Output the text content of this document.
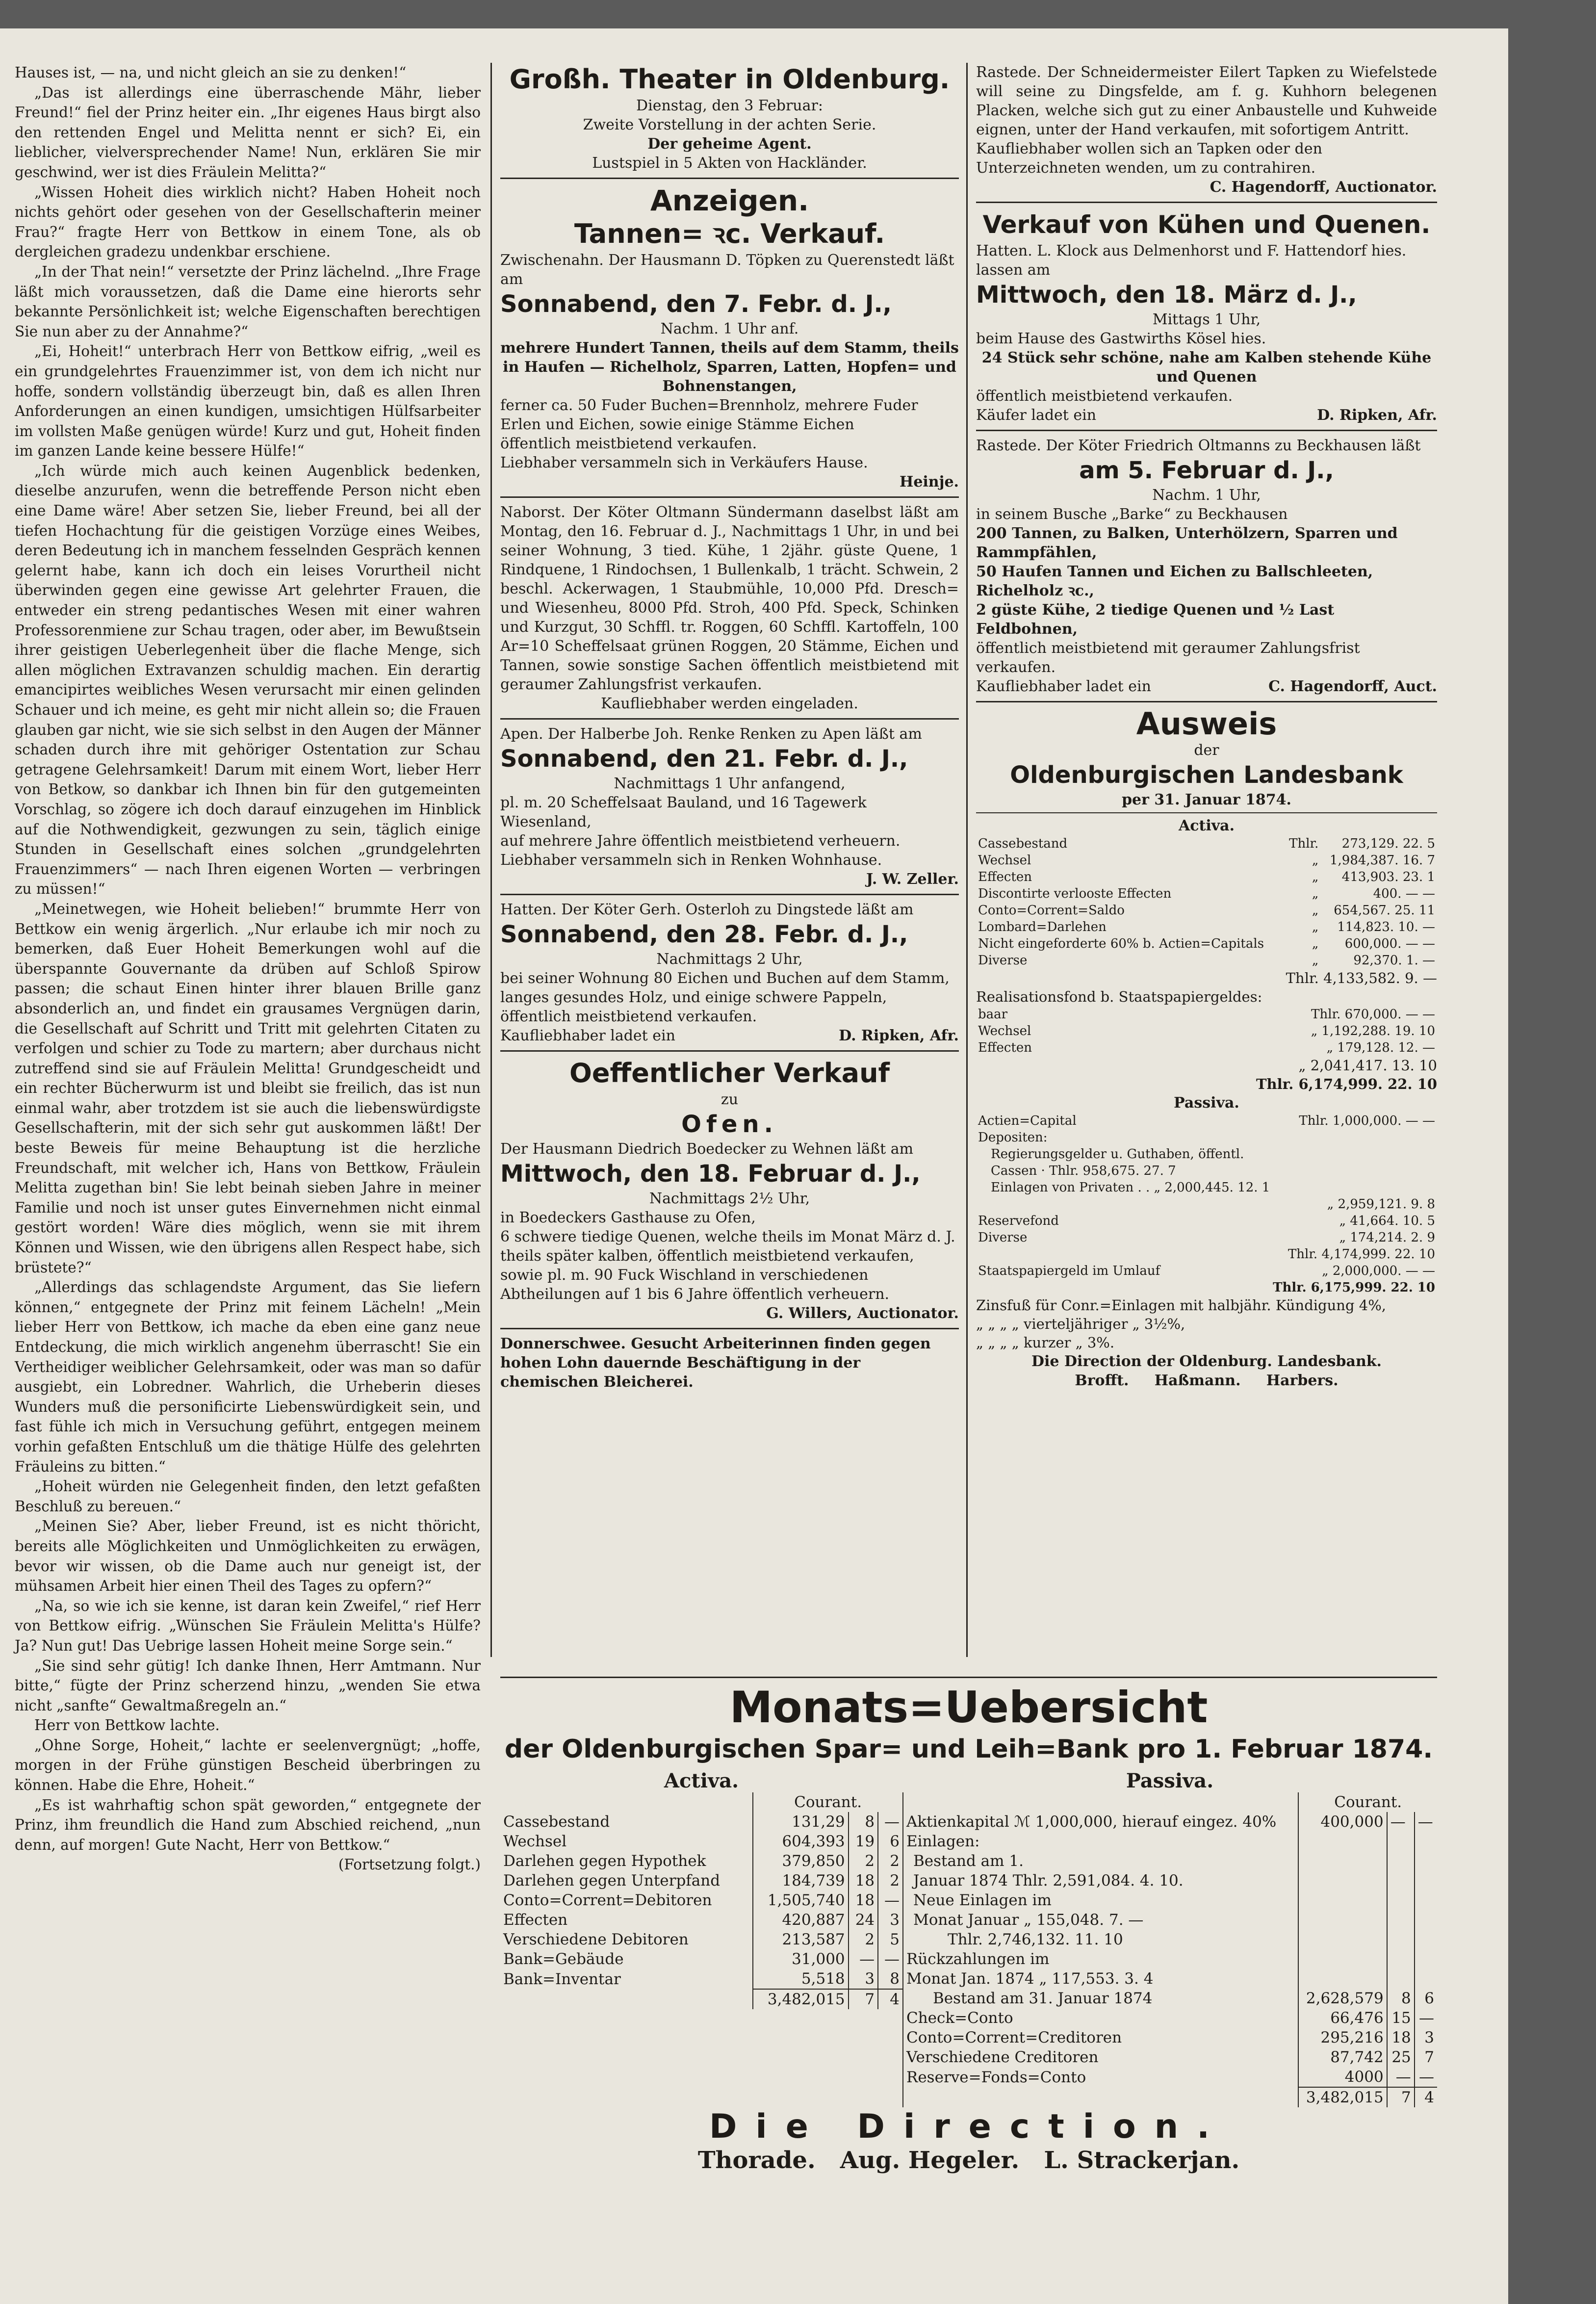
Hauses ist, — na, und nicht gleich an sie zu denken!“

„Das ist allerdings eine überraschende Mähr, lieber Freund!“ fiel der Prinz heiter ein. „Ihr eigenes Haus birgt also den rettenden Engel und Melitta nennt er sich? Ei, ein lieblicher, vielversprechender Name! Nun, erklären Sie mir geschwind, wer ist dies Fräulein Melitta?“

„Wissen Hoheit dies wirklich nicht? Haben Hoheit noch nichts gehört oder gesehen von der Gesellschafterin meiner Frau?“ fragte Herr von Bettkow in einem Tone, als ob dergleichen gradezu undenkbar erschiene.

„In der That nein!“ versetzte der Prinz lächelnd. „Ihre Frage läßt mich voraussetzen, daß die Dame eine hierorts sehr bekannte Persönlichkeit ist; welche Eigenschaften berechtigen Sie nun aber zu der Annahme?“

„Ei, Hoheit!“ unterbrach Herr von Bettkow eifrig, „weil es ein grundgelehrtes Frauenzimmer ist, von dem ich nicht nur hoffe, sondern vollständig überzeugt bin, daß es allen Ihren Anforderungen an einen kundigen, umsichtigen Hülfsarbeiter im vollsten Maße genügen würde! Kurz und gut, Hoheit finden im ganzen Lande keine bessere Hülfe!“

„Ich würde mich auch keinen Augenblick bedenken, dieselbe anzurufen, wenn die betreffende Person nicht eben eine Dame wäre! Aber setzen Sie, lieber Freund, bei all der tiefen Hochachtung für die geistigen Vorzüge eines Weibes, deren Bedeutung ich in manchem fesselnden Gespräch kennen gelernt habe, kann ich doch ein leises Vorurtheil nicht überwinden gegen eine gewisse Art gelehrter Frauen, die entweder ein streng pedantisches Wesen mit einer wahren Professorenmiene zur Schau tragen, oder aber, im Bewußtsein ihrer geistigen Ueberlegenheit über die flache Menge, sich allen möglichen Extravanzen schuldig machen. Ein derartig emancipirtes weibliches Wesen verursacht mir einen gelinden Schauer und ich meine, es geht mir nicht allein so; die Frauen glauben gar nicht, wie sie sich selbst in den Augen der Männer schaden durch ihre mit gehöriger Ostentation zur Schau getragene Gelehrsamkeit! Darum mit einem Wort, lieber Herr von Betkow, so dankbar ich Ihnen bin für den gutgemeinten Vorschlag, so zögere ich doch darauf einzugehen im Hinblick auf die Nothwendigkeit, gezwungen zu sein, täglich einige Stunden in Gesellschaft eines solchen „grundgelehrten Frauenzimmers“ — nach Ihren eigenen Worten — verbringen zu müssen!“

„Meinetwegen, wie Hoheit belieben!“ brummte Herr von Bettkow ein wenig ärgerlich. „Nur erlaube ich mir noch zu bemerken, daß Euer Hoheit Bemerkungen wohl auf die überspannte Gouvernante da drüben auf Schloß Spirow passen; die schaut Einen hinter ihrer blauen Brille ganz absonderlich an, und findet ein grausames Vergnügen darin, die Gesellschaft auf Schritt und Tritt mit gelehrten Citaten zu verfolgen und schier zu Tode zu martern; aber durchaus nicht zutreffend sind sie auf Fräulein Melitta! Grundgescheidt und ein rechter Bücherwurm ist und bleibt sie freilich, das ist nun einmal wahr, aber trotzdem ist sie auch die liebenswürdigste Gesellschafterin, mit der sich sehr gut auskommen läßt! Der beste Beweis für meine Behauptung ist die herzliche Freundschaft, mit welcher ich, Hans von Bettkow, Fräulein Melitta zugethan bin! Sie lebt beinah sieben Jahre in meiner Familie und noch ist unser gutes Einvernehmen nicht einmal gestört worden! Wäre dies möglich, wenn sie mit ihrem Können und Wissen, wie den übrigens allen Respect habe, sich brüstete?“

„Allerdings das schlagendste Argument, das Sie liefern können,“ entgegnete der Prinz mit feinem Lächeln! „Mein lieber Herr von Bettkow, ich mache da eben eine ganz neue Entdeckung, die mich wirklich angenehm überrascht! Sie ein Vertheidiger weiblicher Gelehrsamkeit, oder was man so dafür ausgiebt, ein Lobredner. Wahrlich, die Urheberin dieses Wunders muß die personificirte Liebenswürdigkeit sein, und fast fühle ich mich in Versuchung geführt, entgegen meinem vorhin gefaßten Entschluß um die thätige Hülfe des gelehrten Fräuleins zu bitten.“

„Hoheit würden nie Gelegenheit finden, den letzt gefaßten Beschluß zu bereuen.“

„Meinen Sie? Aber, lieber Freund, ist es nicht thöricht, bereits alle Möglichkeiten und Unmöglichkeiten zu erwägen, bevor wir wissen, ob die Dame auch nur geneigt ist, der mühsamen Arbeit hier einen Theil des Tages zu opfern?“

„Na, so wie ich sie kenne, ist daran kein Zweifel,“ rief Herr von Bettkow eifrig. „Wünschen Sie Fräulein Melitta's Hülfe? Ja? Nun gut! Das Uebrige lassen Hoheit meine Sorge sein.“

„Sie sind sehr gütig! Ich danke Ihnen, Herr Amtmann. Nur bitte,“ fügte der Prinz scherzend hinzu, „wenden Sie etwa nicht „sanfte“ Gewaltmaßregeln an.“

Herr von Bettkow lachte.

„Ohne Sorge, Hoheit,“ lachte er seelenvergnügt; „hoffe, morgen in der Frühe günstigen Bescheid überbringen zu können. Habe die Ehre, Hoheit.“

„Es ist wahrhaftig schon spät geworden,“ entgegnete der Prinz, ihm freundlich die Hand zum Abschied reichend, „nun denn, auf morgen! Gute Nacht, Herr von Bettkow.“

(Fortsetzung folgt.)

Großh. Theater in Oldenburg.
Dienstag, den 3 Februar:
Zweite Vorstellung in der achten Serie.
Der geheime Agent.
Lustspiel in 5 Akten von Hackländer.
Anzeigen.
Tannen= ꝛc. Verkauf.
Zwischenahn. Der Hausmann D. Töpken zu Querenstedt läßt am
Sonnabend, den 7. Febr. d. J.,
Nachm. 1 Uhr anf.
mehrere Hundert Tannen, theils auf dem Stamm, theils in Haufen — Richelholz, Sparren, Latten, Hopfen= und Bohnenstangen,
ferner ca. 50 Fuder Buchen=Brennholz, mehrere Fuder Erlen und Eichen, sowie einige Stämme Eichen
öffentlich meistbietend verkaufen.
Liebhaber versammeln sich in Verkäufers Hause.
Heinje.
Naborst. Der Köter Oltmann Sündermann daselbst läßt am Montag, den 16. Februar d. J., Nachmittags 1 Uhr, in und bei seiner Wohnung, 3 tied. Kühe, 1 2jähr. güste Quene, 1 Rindquene, 1 Rindochsen, 1 Bullenkalb, 1 trächt. Schwein, 2 beschl. Ackerwagen, 1 Staubmühle, 10,000 Pfd. Dresch= und Wiesenheu, 8000 Pfd. Stroh, 400 Pfd. Speck, Schinken und Kurzgut, 30 Schffl. tr. Roggen, 60 Schffl. Kartoffeln, 100 Ar=10 Scheffelsaat grünen Roggen, 20 Stämme, Eichen und Tannen, sowie sonstige Sachen öffentlich meistbietend mit geraumer Zahlungsfrist verkaufen.
Kaufliebhaber werden eingeladen.
Apen. Der Halberbe Joh. Renke Renken zu Apen läßt am
Sonnabend, den 21. Febr. d. J.,
Nachmittags 1 Uhr anfangend,
pl. m. 20 Scheffelsaat Bauland, und 16 Tagewerk Wiesenland,
auf mehrere Jahre öffentlich meistbietend verheuern.
Liebhaber versammeln sich in Renken Wohnhause.
J. W. Zeller.
Hatten. Der Köter Gerh. Osterloh zu Dingstede läßt am
Sonnabend, den 28. Febr. d. J.,
Nachmittags 2 Uhr,
bei seiner Wohnung 80 Eichen und Buchen auf dem Stamm, langes gesundes Holz, und einige schwere Pappeln, öffentlich meistbietend verkaufen.
Kaufliebhaber ladet ein	D. Ripken, Afr.
Oeffentlicher Verkauf
zu
Ofen.
Der Hausmann Diedrich Boedecker zu Wehnen läßt am
Mittwoch, den 18. Februar d. J.,
Nachmittags 2½ Uhr,
in Boedeckers Gasthause zu Ofen,
6 schwere tiedige Quenen, welche theils im Monat März d. J. theils später kalben, öffentlich meistbietend verkaufen,
sowie pl. m. 90 Fuck Wischland in verschiedenen Abtheilungen auf 1 bis 6 Jahre öffentlich verheuern.
G. Willers, Auctionator.
Donnerschwee. Gesucht Arbeiterinnen finden gegen hohen Lohn dauernde Beschäftigung in der chemischen Bleicherei.
Rastede. Der Schneidermeister Eilert Tapken zu Wiefelstede will seine zu Dingsfelde, am f. g. Kuhhorn belegenen Placken, welche sich gut zu einer Anbaustelle und Kuhweide eignen, unter der Hand verkaufen, mit sofortigem Antritt.
Kaufliebhaber wollen sich an Tapken oder den Unterzeichneten wenden, um zu contrahiren.
C. Hagendorff, Auctionator.
Verkauf von Kühen und Quenen.
Hatten. L. Klock aus Delmenhorst und F. Hattendorf hies. lassen am
Mittwoch, den 18. März d. J.,
Mittags 1 Uhr,
beim Hause des Gastwirths Kösel hies.
24 Stück sehr schöne, nahe am Kalben stehende Kühe und Quenen
öffentlich meistbietend verkaufen.
Käufer ladet ein	D. Ripken, Afr.
Rastede. Der Köter Friedrich Oltmanns zu Beckhausen läßt
am 5. Februar d. J.,
Nachm. 1 Uhr,
in seinem Busche „Barke“ zu Beckhausen
200 Tannen, zu Balken, Unterhölzern, Sparren und Rammpfählen,
50 Haufen Tannen und Eichen zu Ballschleeten, Richelholz ꝛc.,
2 güste Kühe, 2 tiedige Quenen und ½ Last Feldbohnen,
öffentlich meistbietend mit geraumer Zahlungsfrist verkaufen.
Kaufliebhaber ladet ein	C. Hagendorff, Auct.
Ausweis
der
Oldenburgischen Landesbank
per 31. Januar 1874.
Activa.
Cassebestand	Thlr.	273,129. 22. 5
Wechsel	„	1,984,387. 16. 7
Effecten	„	413,903. 23. 1
Discontirte verlooste Effecten	„	400. — —
Conto=Corrent=Saldo	„	654,567. 25. 11
Lombard=Darlehen	„	114,823. 10. —
Nicht eingeforderte 60% b. Actien=Capitals	„	600,000. — —
Diverse	„	92,370. 1. —
Thlr. 4,133,582. 9. —
Realisationsfond b. Staatspapiergeldes:
baar	Thlr. 670,000. — —
Wechsel	„ 1,192,288. 19. 10
Effecten	„ 179,128. 12. —
„ 2,041,417. 13. 10
Thlr. 6,174,999. 22. 10
Passiva.
Actien=Capital	Thlr. 1,000,000. — —
Depositen:	
Regierungsgelder u. Guthaben, öffentl.	
Cassen · Thlr. 958,675. 27. 7	
Einlagen von Privaten . . „ 2,000,445. 12. 1	
	„ 2,959,121. 9. 8
Reservefond	„ 41,664. 10. 5
Diverse	„ 174,214. 2. 9
	Thlr. 4,174,999. 22. 10
Staatspapiergeld im Umlauf	„ 2,000,000. — —
	Thlr. 6,175,999. 22. 10
Zinsfuß für Conr.=Einlagen mit halbjähr. Kündigung 4%,
„ „ „ „ vierteljähriger „ 3½%,
„ „ „ „ kurzer „ 3%.
Die Direction der Oldenburg. Landesbank.
Brofft.     Haßmann.     Harbers.
Monats=Uebersicht
der Oldenburgischen Spar= und Leih=Bank pro 1. Februar 1874.
Activa.
	Courant.		
Cassebestand	131,29	8	—
Wechsel	604,393	19	6
Darlehen gegen Hypothek	379,850	2	2
Darlehen gegen Unterpfand	184,739	18	2
Conto=Corrent=Debitoren	1,505,740	18	—
Effecten	420,887	24	3
Verschiedene Debitoren	213,587	2	5
Bank=Gebäude	31,000	—	—
Bank=Inventar	5,518	3	8
	3,482,015	7	4
Passiva.
	Courant.		
Aktienkapital ℳ 1,000,000, hierauf eingez. 40%	400,000	—	—
Einlagen:			
Bestand am 1.			
Januar 1874 Thlr. 2,591,084. 4. 10.			
Neue Einlagen im			
Monat Januar „ 155,048. 7. —			
Thlr. 2,746,132. 11. 10			
Rückzahlungen im			
Monat Jan. 1874 „ 117,553. 3. 4			
Bestand am 31. Januar 1874	2,628,579	8	6
Check=Conto	66,476	15	—
Conto=Corrent=Creditoren	295,216	18	3
Verschiedene Creditoren	87,742	25	7
Reserve=Fonds=Conto	4000	—	—
	3,482,015	7	4
Die Direction.
Thorade.   Aug. Hegeler.   L. Strackerjan.
